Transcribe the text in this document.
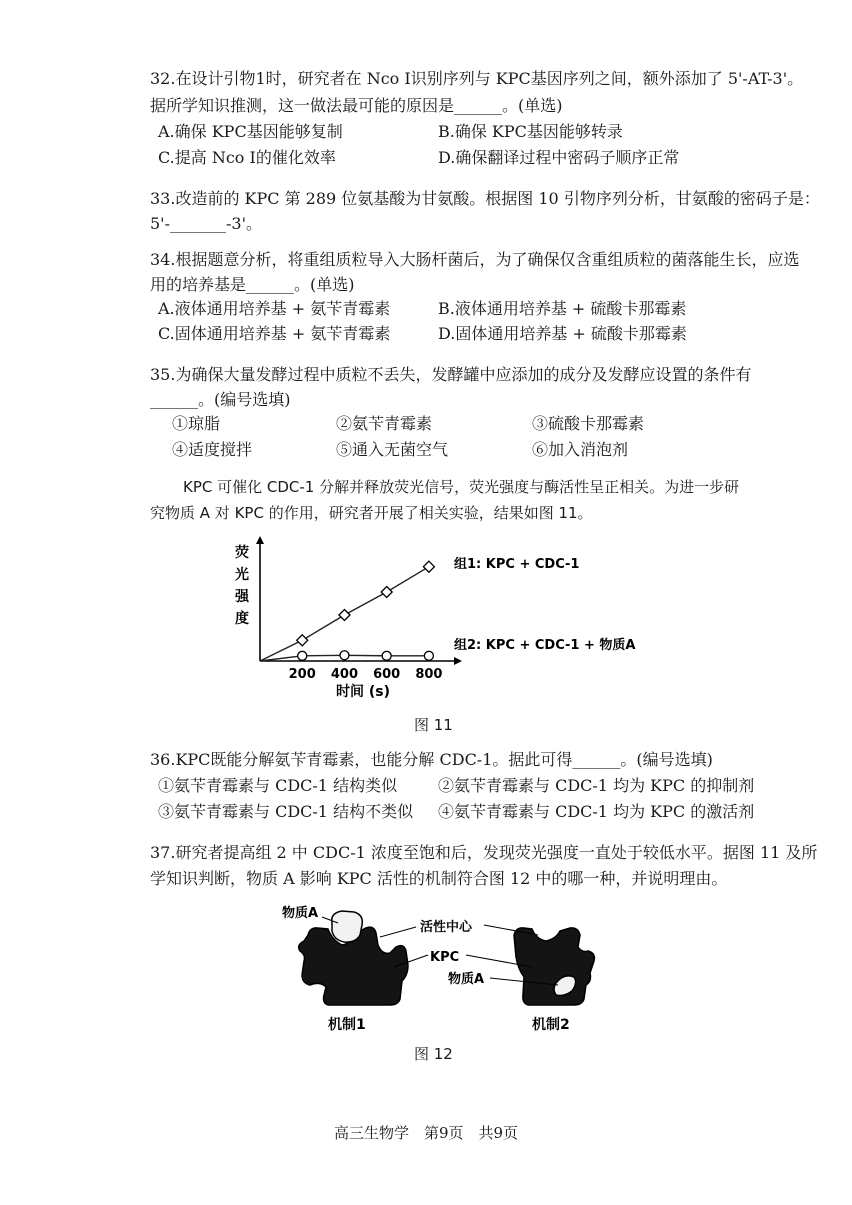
32.在设计引物1时，研究者在 Nco I识别序列与 KPC基因序列之间，额外添加了 5'-AT-3'。
据所学知识推测，这一做法最可能的原因是______。(单选)
A.确保 KPC基因能够复制	B.确保 KPC基因能够转录
C.提高 Nco I的催化效率	D.确保翻译过程中密码子顺序正常
33.改造前的 KPC 第 289 位氨基酸为甘氨酸。根据图 10 引物序列分析，甘氨酸的密码子是：
5'-_______-3'。
34.根据题意分析，将重组质粒导入大肠杆菌后，为了确保仅含重组质粒的菌落能生长，应选
用的培养基是______。(单选)
A.液体通用培养基 + 氨苄青霉素	B.液体通用培养基 + 硫酸卡那霉素
C.固体通用培养基 + 氨苄青霉素	D.固体通用培养基 + 硫酸卡那霉素
35.为确保大量发酵过程中质粒不丢失，发酵罐中应添加的成分及发酵应设置的条件有
______。(编号选填)
①琼脂	②氨苄青霉素	③硫酸卡那霉素
④适度搅拌	⑤通入无菌空气	⑥加入消泡剂
KPC 可催化 CDC-1 分解并释放荧光信号，荧光强度与酶活性呈正相关。为进一步研
究物质 A 对 KPC 的作用，研究者开展了相关实验，结果如图 11。
荧
光
强
度
200 400 600 800
时间 (s)
组1: KPC + CDC-1
组2: KPC + CDC-1 + 物质A
图 11
36.KPC既能分解氨苄青霉素，也能分解 CDC-1。据此可得______。(编号选填)
①氨苄青霉素与 CDC-1 结构类似	②氨苄青霉素与 CDC-1 均为 KPC 的抑制剂
③氨苄青霉素与 CDC-1 结构不类似 ④氨苄青霉素与 CDC-1 均为 KPC 的激活剂
37.研究者提高组 2 中 CDC-1 浓度至饱和后，发现荧光强度一直处于较低水平。据图 11 及所
学知识判断，物质 A 影响 KPC 活性的机制符合图 12 中的哪一种，并说明理由。
物质A
活性中心
KPC
物质A
机制1	机制2
图 12
高三生物学　第9页　共9页
